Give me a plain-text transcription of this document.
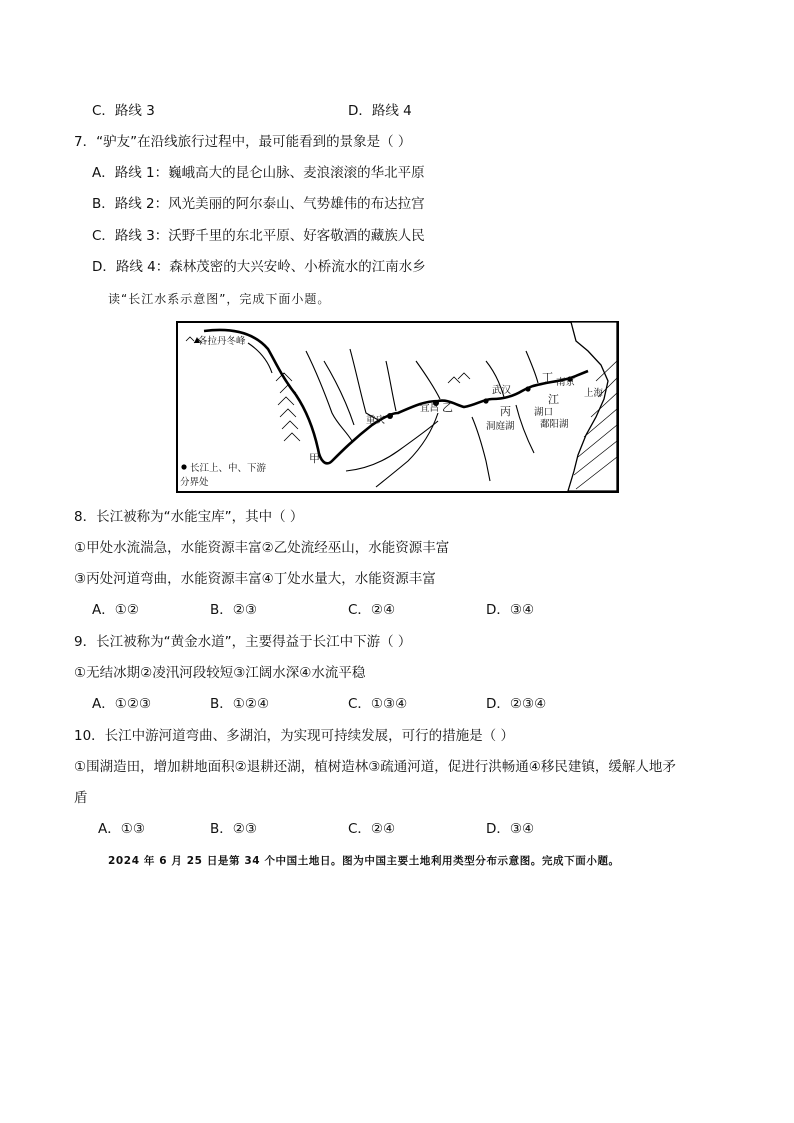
C．路线 3	D．路线 4
7．“驴友”在沿线旅行过程中，最可能看到的景象是（ ）
A．路线 1：巍峨高大的昆仑山脉、麦浪滚滚的华北平原
B．路线 2：风光美丽的阿尔泰山、气势雄伟的布达拉宫
C．路线 3：沃野千里的东北平原、好客敬酒的藏族人民
D．路线 4：森林茂密的大兴安岭、小桥流水的江南水乡
读“长江水系示意图”，完成下面小题。
各拉丹冬峰
重庆
宜昌
武汉
南京
上海
湖口
洞庭湖	鄱阳湖
江
甲
乙	丙
丁
长江上、中、下游
分界处
8．长江被称为“水能宝库”，其中（ ）
①甲处水流湍急，水能资源丰富②乙处流经巫山，水能资源丰富
③丙处河道弯曲，水能资源丰富④丁处水量大，水能资源丰富
A．①②	B．②③	C．②④	D．③④
9．长江被称为“黄金水道”，主要得益于长江中下游（ ）
①无结冰期②凌汛河段较短③江阔水深④水流平稳
A．①②③	B．①②④	C．①③④	D．②③④
10．长江中游河道弯曲、多湖泊，为实现可持续发展，可行的措施是（ ）
①围湖造田，增加耕地面积②退耕还湖，植树造林③疏通河道，促进行洪畅通④移民建镇，缓解人地矛
盾
A．①③	B．②③	C．②④	D．③④
2024 年 6 月 25 日是第 34 个中国土地日。图为中国主要土地利用类型分布示意图。完成下面小题。
